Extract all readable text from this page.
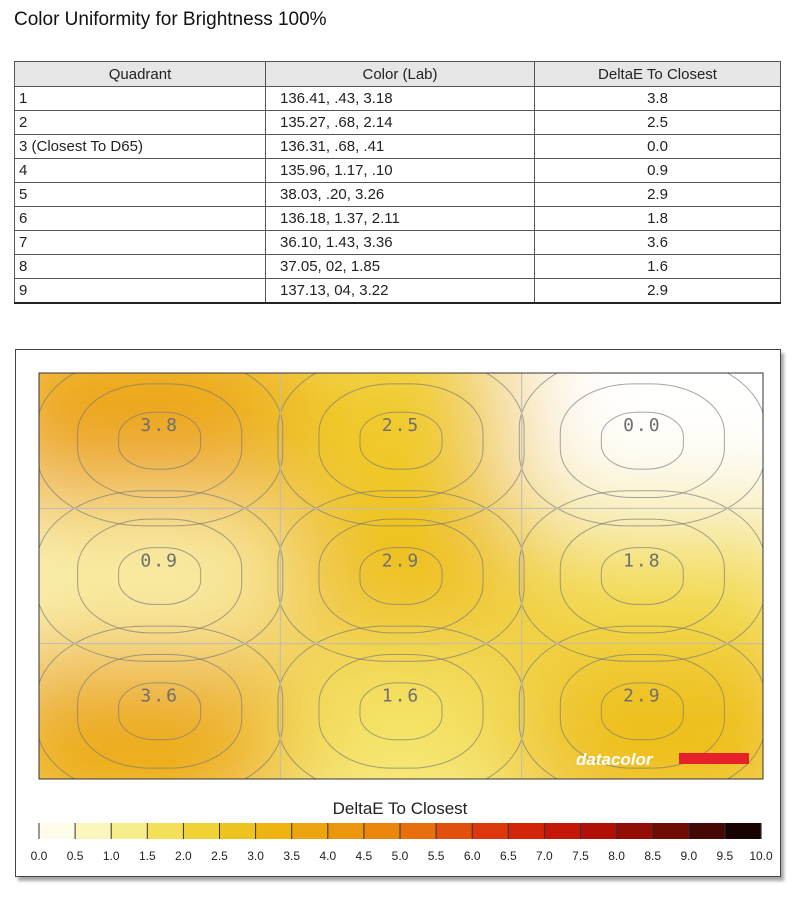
Color Uniformity for Brightness 100%
Quadrant	Color (Lab)	DeltaE To Closest
1	136.41, .43, 3.18	3.8
2	135.27, .68, 2.14	2.5
3 (Closest To D65)	136.31, .68, .41	0.0
4	135.96, 1.17, .10	0.9
5	38.03, .20, 3.26	2.9
6	136.18, 1.37, 2.11	1.8
7	36.10, 1.43, 3.36	3.6
8	37.05, 02, 1.85	1.6
9	137.13, 04, 3.22	2.9
3.8	2.5	0.0
0.9	2.9	1.8
3.6	1.6	2.9
datacolor
DeltaE To Closest
0.0 0.5 1.0 1.5 2.0 2.5 3.0 3.5 4.0 4.5 5.0 5.5 6.0 6.5 7.0 7.5 8.0 8.5 9.0 9.5 10.0
